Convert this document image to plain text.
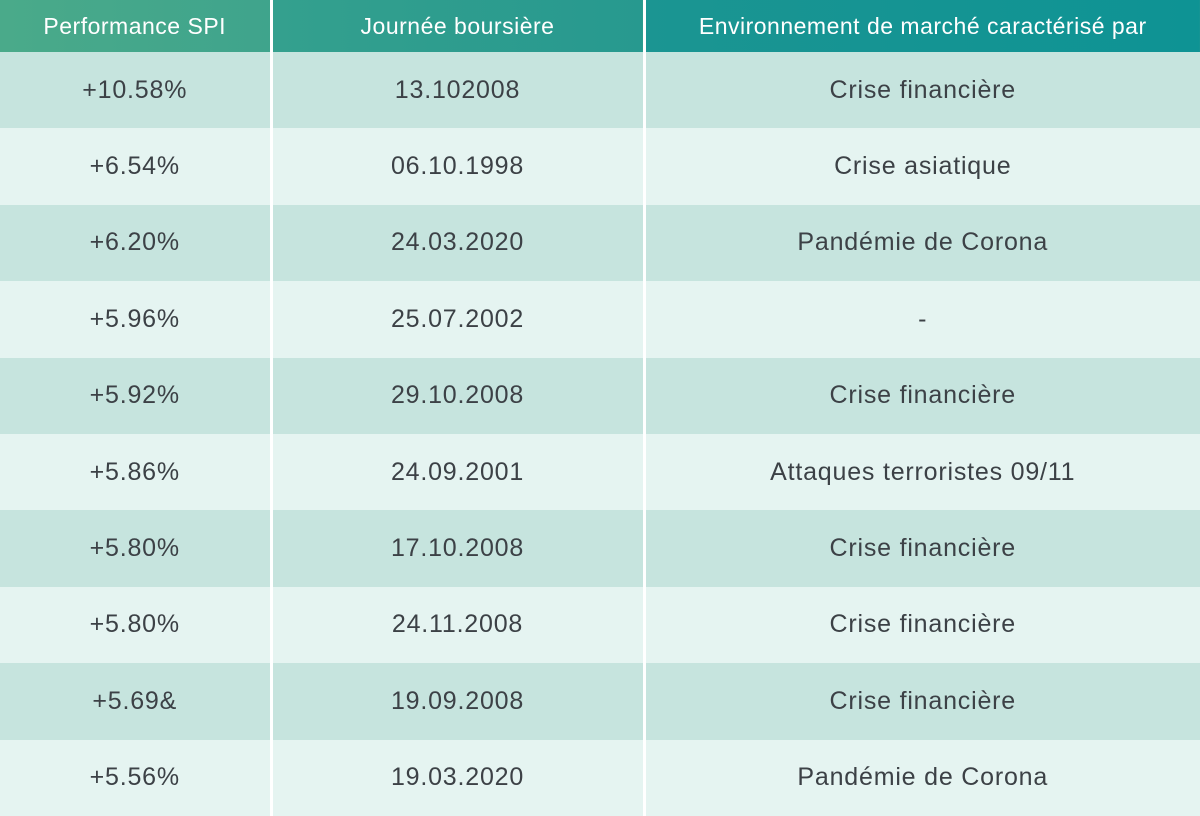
Performance SPI	Journée boursière	Environnement de marché caractérisé par
+10.58%	13.102008	Crise financière
+6.54%	06.10.1998	Crise asiatique
+6.20%	24.03.2020	Pandémie de Corona
+5.96%	25.07.2002	-
+5.92%	29.10.2008	Crise financière
+5.86%	24.09.2001	Attaques terroristes 09/11
+5.80%	17.10.2008	Crise financière
+5.80%	24.11.2008	Crise financière
+5.69&	19.09.2008	Crise financière
+5.56%	19.03.2020	Pandémie de Corona
